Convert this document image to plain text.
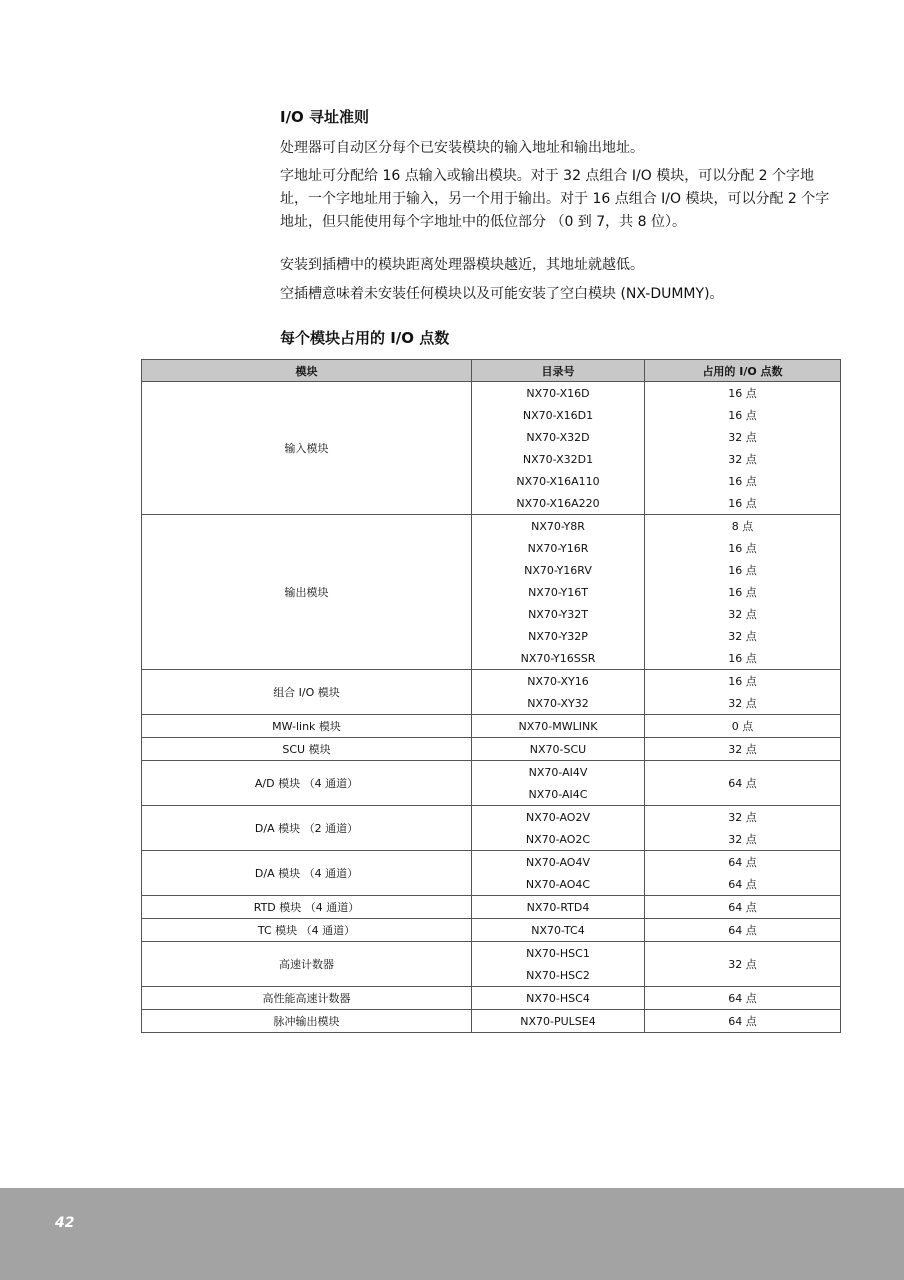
I/O 寻址准则

处理器可自动区分每个已安装模块的输入地址和输出地址。

字地址可分配给 16 点输入或输出模块。对于 32 点组合 I/O 模块，可以分配 2 个字地址，一个字地址用于输入，另一个用于输出。对于 16 点组合 I/O 模块，可以分配 2 个字地址，但只能使用每个字地址中的低位部分 （0 到 7，共 8 位）。

安装到插槽中的模块距离处理器模块越近，其地址就越低。

空插槽意味着未安装任何模块以及可能安装了空白模块 (NX-DUMMY)。

每个模块占用的 I/O 点数
模块	目录号	占用的 I/O 点数
输入模块	NX70-X16D	16 点
	NX70-X16D1	16 点
	NX70-X32D	32 点
	NX70-X32D1	32 点
	NX70-X16A110	16 点
	NX70-X16A220	16 点
输出模块	NX70-Y8R	8 点
	NX70-Y16R	16 点
	NX70-Y16RV	16 点
	NX70-Y16T	16 点
	NX70-Y32T	32 点
	NX70-Y32P	32 点
	NX70-Y16SSR	16 点
组合 I/O 模块	NX70-XY16	16 点
	NX70-XY32	32 点
MW-link 模块	NX70-MWLINK	0 点
SCU 模块	NX70-SCU	32 点
A/D 模块 （4 通道）	NX70-AI4V	64 点
	NX70-AI4C	
D/A 模块 （2 通道）	NX70-AO2V	32 点
	NX70-AO2C	32 点
D/A 模块 （4 通道）	NX70-AO4V	64 点
	NX70-AO4C	64 点
RTD 模块 （4 通道）	NX70-RTD4	64 点
TC 模块 （4 通道）	NX70-TC4	64 点
高速计数器	NX70-HSC1	32 点
	NX70-HSC2	
高性能高速计数器	NX70-HSC4	64 点
脉冲输出模块	NX70-PULSE4	64 点
42
